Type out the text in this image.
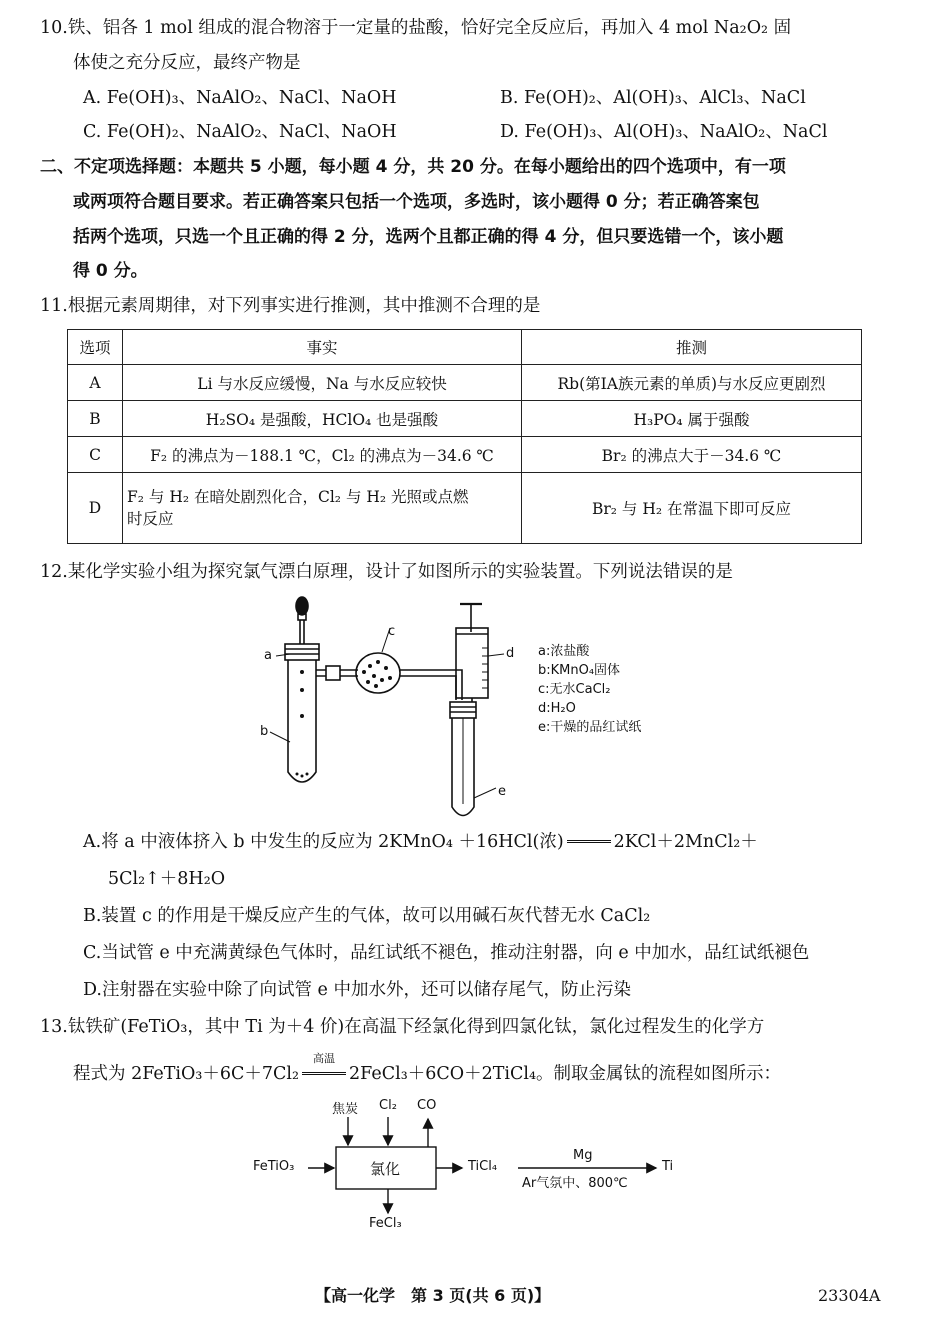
10.铁、铝各 1 mol 组成的混合物溶于一定量的盐酸，恰好完全反应后，再加入 4 mol Na₂O₂ 固
体使之充分反应，最终产物是
A. Fe(OH)₃、NaAlO₂、NaCl、NaOH	B. Fe(OH)₂、Al(OH)₃、AlCl₃、NaCl
C. Fe(OH)₂、NaAlO₂、NaCl、NaOH	D. Fe(OH)₃、Al(OH)₃、NaAlO₂、NaCl
二、不定项选择题：本题共 5 小题，每小题 4 分，共 20 分。在每小题给出的四个选项中，有一项
或两项符合题目要求。若正确答案只包括一个选项，多选时，该小题得 0 分；若正确答案包
括两个选项，只选一个且正确的得 2 分，选两个且都正确的得 4 分，但只要选错一个，该小题
得 0 分。
11.根据元素周期律，对下列事实进行推测，其中推测不合理的是
选项	事实	推测
A	Li 与水反应缓慢，Na 与水反应较快	Rb(第ⅠA族元素的单质)与水反应更剧烈
B	H₂SO₄ 是强酸，HClO₄ 也是强酸	H₃PO₄ 属于强酸
C	F₂ 的沸点为－188.1 ℃，Cl₂ 的沸点为－34.6 ℃	Br₂ 的沸点大于－34.6 ℃
D	F₂ 与 H₂ 在暗处剧烈化合，Cl₂ 与 H₂ 光照或点燃
时反应	Br₂ 与 H₂ 在常温下即可反应
12.某化学实验小组为探究氯气漂白原理，设计了如图所示的实验装置。下列说法错误的是
a
b
c
d
e
a:浓盐酸
b:KMnO₄固体
c:无水CaCl₂
d:H₂O
e:干燥的品红试纸
A.将 a 中液体挤入 b 中发生的反应为 2KMnO₄ ＋16HCl(浓)	2KCl＋2MnCl₂＋
5Cl₂↑＋8H₂O
B.装置 c 的作用是干燥反应产生的气体，故可以用碱石灰代替无水 CaCl₂
C.当试管 e 中充满黄绿色气体时，品红试纸不褪色，推动注射器，向 e 中加水，品红试纸褪色
D.注射器在实验中除了向试管 e 中加水外，还可以储存尾气，防止污染
13.钛铁矿(FeTiO₃，其中 Ti 为＋4 价)在高温下经氯化得到四氯化钛，氯化过程发生的化学方
程式为 2FeTiO₃＋6C＋7Cl₂
高温
2FeCl₃＋6CO＋2TiCl₄。制取金属钛的流程如图所示：
焦炭 Cl₂ CO
FeTiO₃	氯化	TiCl₄
Mg
Ar气氛中、800℃
Ti
FeCl₃
【高一化学　第 3 页(共 6 页)】	23304A
